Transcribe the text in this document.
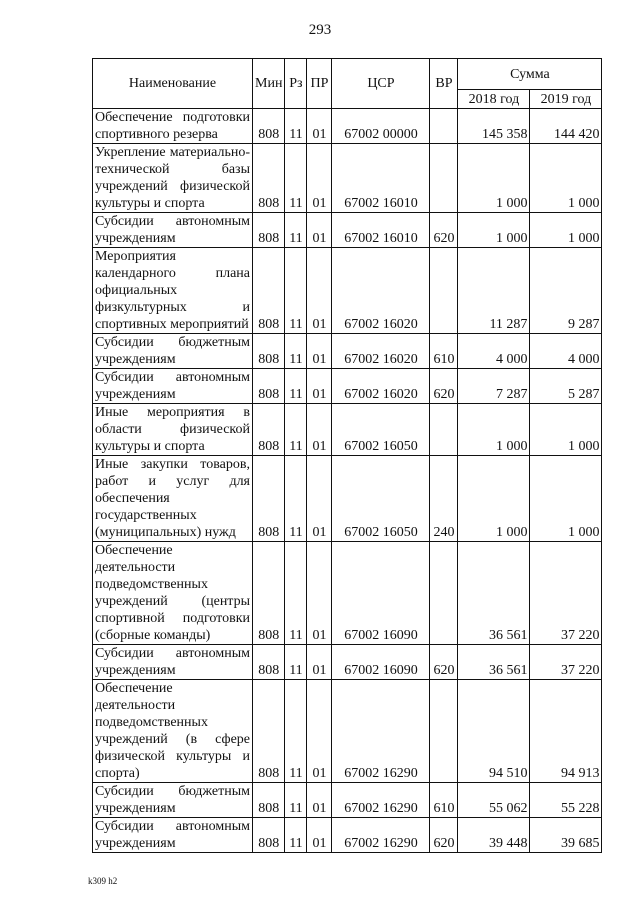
293
Наименование	Мин	Рз	ПР	ЦСР	ВР	Сумма	
						2018 год	2019 год
Обеспечение подготовки спортивного резерва	808	11	01	67002 00000		145 358	144 420
Укрепление материально-технической базы учреждений физической культуры и спорта	808	11	01	67002 16010		1 000	1 000
Субсидии автономным учреждениям	808	11	01	67002 16010	620	1 000	1 000
Мероприятия календарного плана официальных физкультурных и спортивных мероприятий	808	11	01	67002 16020		11 287	9 287
Субсидии бюджетным учреждениям	808	11	01	67002 16020	610	4 000	4 000
Субсидии автономным учреждениям	808	11	01	67002 16020	620	7 287	5 287
Иные мероприятия в области физической культуры и спорта	808	11	01	67002 16050		1 000	1 000
Иные закупки товаров, работ и услуг для обеспечения государственных (муниципальных) нужд	808	11	01	67002 16050	240	1 000	1 000
Обеспечение деятельности подведомственных учреждений (центры спортивной подготовки (сборные команды)	808	11	01	67002 16090		36 561	37 220
Субсидии автономным учреждениям	808	11	01	67002 16090	620	36 561	37 220
Обеспечение деятельности подведомственных учреждений (в сфере физической культуры и спорта)	808	11	01	67002 16290		94 510	94 913
Субсидии бюджетным учреждениям	808	11	01	67002 16290	610	55 062	55 228
Субсидии автономным учреждениям	808	11	01	67002 16290	620	39 448	39 685
k309 h2
